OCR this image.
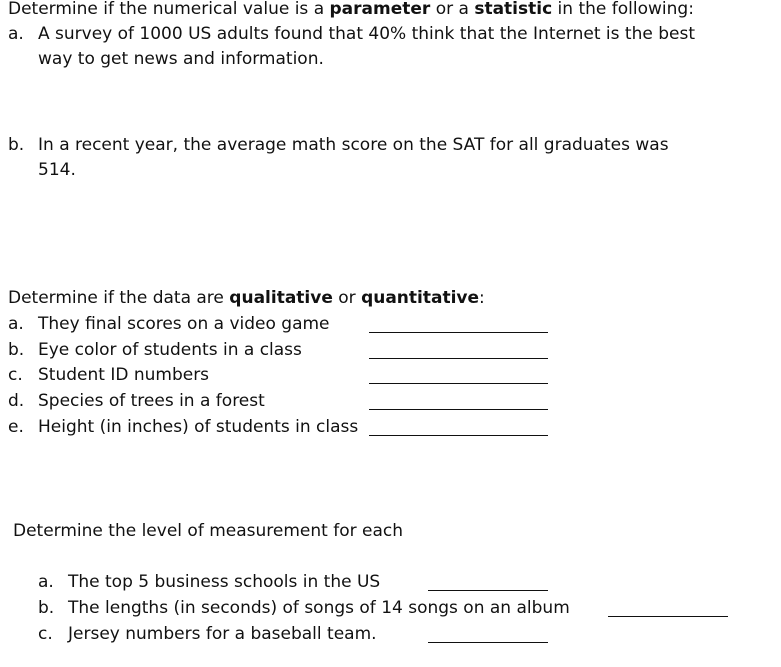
Determine if the numerical value is a parameter or a statistic in the following:
a. A survey of 1000 US adults found that 40% think that the Internet is the best
way to get news and information.
b. In a recent year, the average math score on the SAT for all graduates was
514.
Determine if the data are qualitative or quantitative:
a. They final scores on a video game
b. Eye color of students in a class
c. Student ID numbers
d. Species of trees in a forest
e. Height (in inches) of students in class
Determine the level of measurement for each
a. The top 5 business schools in the US
b. The lengths (in seconds) of songs of 14 songs on an album
c. Jersey numbers for a baseball team.
